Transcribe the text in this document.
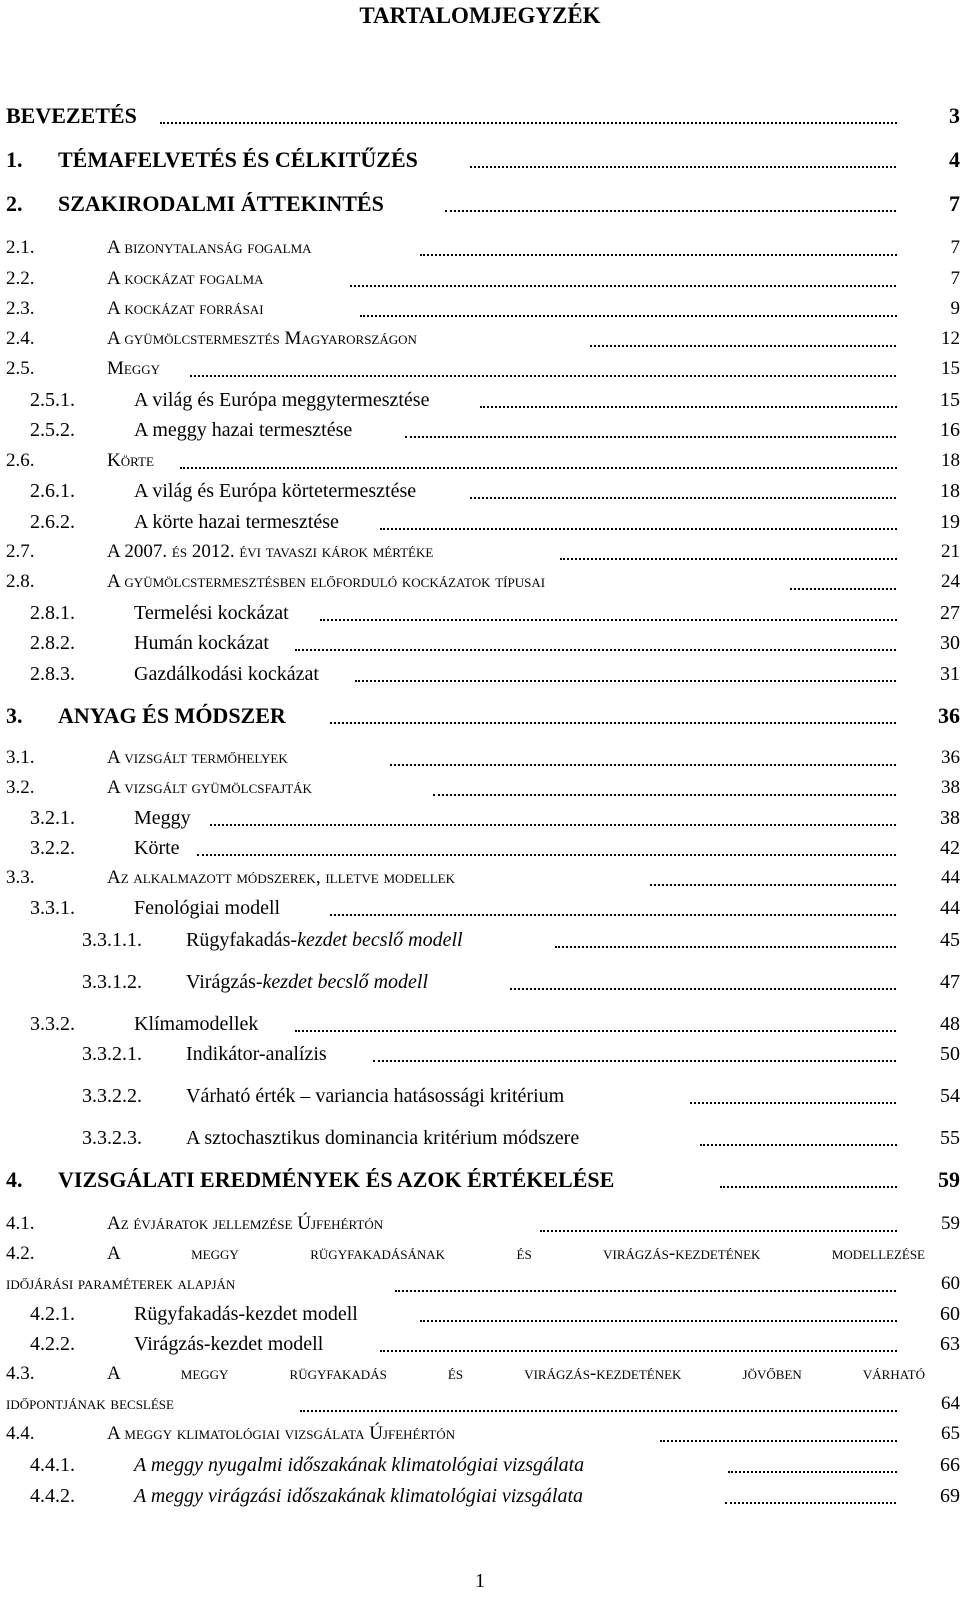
TARTALOMJEGYZÉK
BEVEZETÉS	3
1. TÉMAFELVETÉS ÉS CÉLKITŰZÉS	4
2. SZAKIRODALMI ÁTTEKINTÉS	7
2.1.	A bizonytalanság fogalma	7
2.2.	A kockázat fogalma	7
2.3.	A kockázat forrásai	9
2.4.	A gyümölcstermesztés Magyarországon	12
2.5.	Meggy	15
2.5.1.	A világ és Európa meggytermesztése	15
2.5.2.	A meggy hazai termesztése	16
2.6.	Körte	18
2.6.1.	A világ és Európa körtetermesztése	18
2.6.2.	A körte hazai termesztése	19
2.7.	A 2007. és 2012. évi tavaszi károk mértéke	21
2.8.	A gyümölcstermesztésben előforduló kockázatok típusai	24
2.8.1.	Termelési kockázat	27
2.8.2.	Humán kockázat	30
2.8.3.	Gazdálkodási kockázat	31
3. ANYAG ÉS MÓDSZER	36
3.1.	A vizsgált termőhelyek	36
3.2.	A vizsgált gyümölcsfajták	38
3.2.1.	Meggy	38
3.2.2.	Körte	42
3.3.	Az alkalmazott módszerek, illetve modellek	44
3.3.1.	Fenológiai modell	44
3.3.1.1. Rügyfakadás-kezdet becslő modell	45
3.3.1.2. Virágzás-kezdet becslő modell	47
3.3.2.	Klímamodellek	48
3.3.2.1. Indikátor-analízis	50
3.3.2.2. Várható érték – variancia hatásossági kritérium	54
3.3.2.3. A sztochasztikus dominancia kritérium módszere	55
4. VIZSGÁLATI EREDMÉNYEK ÉS AZOK ÉRTÉKELÉSE	59
4.1.	Az évjáratok jellemzése Újfehértón	59
4.2.	A meggy rügyfakadásának és virágzás-kezdetének modellezése
időjárási paraméterek alapján	60
4.2.1.	Rügyfakadás-kezdet modell	60
4.2.2.	Virágzás-kezdet modell	63
4.3.	A meggy rügyfakadás és virágzás-kezdetének jövőben várható
időpontjának becslése	64
4.4.	A meggy klimatológiai vizsgálata Újfehértón	65
4.4.1.	A meggy nyugalmi időszakának klimatológiai vizsgálata	66
4.4.2.	A meggy virágzási időszakának klimatológiai vizsgálata	69
1
